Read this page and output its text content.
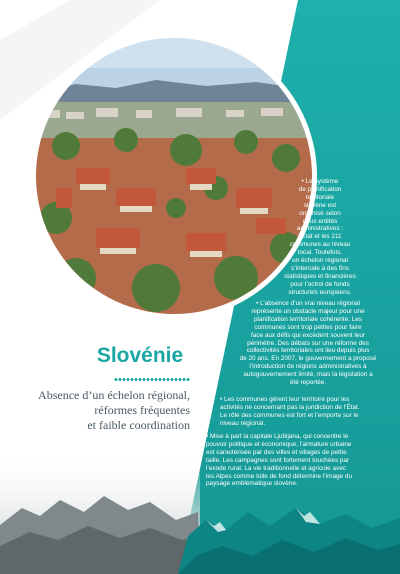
Slovénie
Absence d’un échelon régional,
réformes fréquentes
et faible coordination

• Le système

de planification

territoriale

slovène est

organisé selon

deux entités

administratives :

l’État et les 211

communes au niveau

local. Toutefois,

un échelon régional

s’intercale à des fins

statistiques et financières

pour l’octroi de fonds

structurels européens.

• L’absence d’un vrai niveau régional

représente un obstacle majeur pour une

planification territoriale cohérente. Les

communes sont trop petites pour faire

face aux défis qui excèdent souvent leur

périmètre. Des débats sur une réforme des

collectivités territoriales ont lieu depuis plus

de 20 ans. En 2007, le gouvernement a proposé

l’introduction de régions administratives à

autogouvernement limité, mais la législation a

été reportée.

• Les communes gèrent leur territoire pour les

activités ne concernant pas la juridiction de l’État.

Le rôle des communes est fort et l’emporte sur le

niveau régional.

• Mise à part la capitale Ljubljana, qui concentre le

pouvoir politique et économique, l’armature urbaine

est caractérisée par des villes et villages de petite

taille. Les campagnes sont fortement touchées par

l’exode rural. La vie traditionnelle et agricole avec

les Alpes comme toile de fond détermine l’image du

paysage emblématique slovène.
